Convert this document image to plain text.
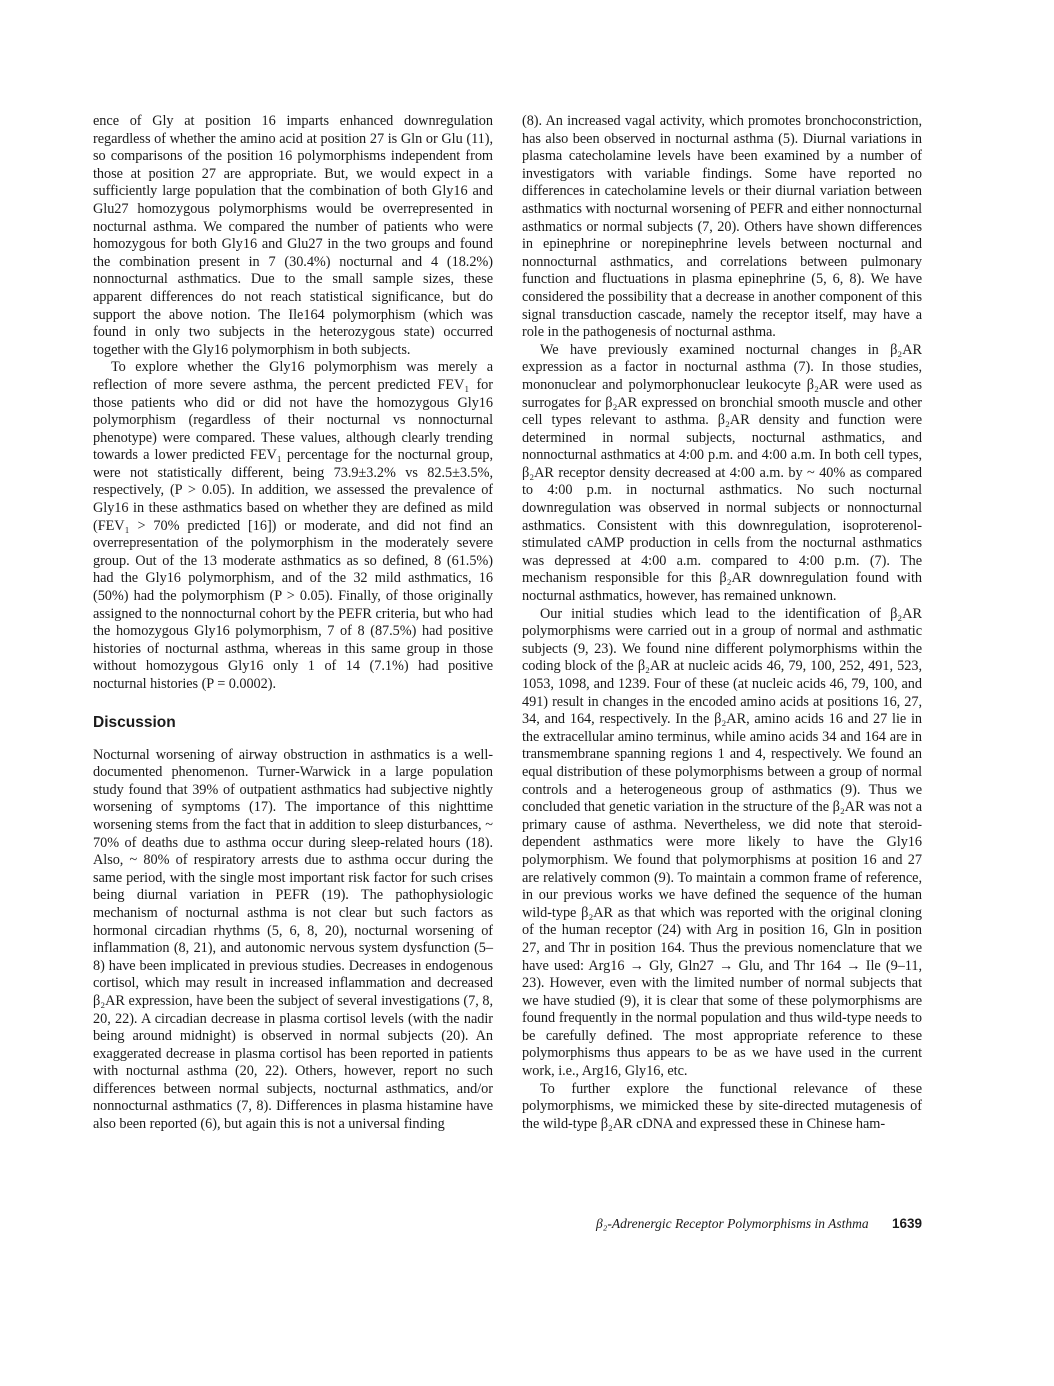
ence of Gly at position 16 imparts enhanced downregulation regardless of whether the amino acid at position 27 is Gln or Glu (11), so comparisons of the position 16 polymorphisms independent from those at position 27 are appropriate. But, we would expect in a sufficiently large population that the combination of both Gly16 and Glu27 homozygous polymorphisms would be overrepresented in nocturnal asthma. We compared the number of patients who were homozygous for both Gly16 and Glu27 in the two groups and found the combination present in 7 (30.4%) nocturnal and 4 (18.2%) nonnocturnal asthmatics. Due to the small sample sizes, these apparent differences do not reach statistical significance, but do support the above notion. The Ile164 polymorphism (which was found in only two subjects in the heterozygous state) occurred together with the Gly16 polymorphism in both subjects.

To explore whether the Gly16 polymorphism was merely a reflection of more severe asthma, the percent predicted FEV₁ for those patients who did or did not have the homozygous Gly16 polymorphism (regardless of their nocturnal vs nonnocturnal phenotype) were compared. These values, although clearly trending towards a lower predicted FEV₁ percentage for the nocturnal group, were not statistically different, being 73.9±3.2% vs 82.5±3.5%, respectively, (P > 0.05). In addition, we assessed the prevalence of Gly16 in these asthmatics based on whether they are defined as mild (FEV₁ > 70% predicted [16]) or moderate, and did not find an overrepresentation of the polymorphism in the moderately severe group. Out of the 13 moderate asthmatics as so defined, 8 (61.5%) had the Gly16 polymorphism, and of the 32 mild asthmatics, 16 (50%) had the polymorphism (P > 0.05). Finally, of those originally assigned to the nonnocturnal cohort by the PEFR criteria, but who had the homozygous Gly16 polymorphism, 7 of 8 (87.5%) had positive histories of nocturnal asthma, whereas in this same group in those without homozygous Gly16 only 1 of 14 (7.1%) had positive nocturnal histories (P = 0.0002).

Discussion

Nocturnal worsening of airway obstruction in asthmatics is a well-documented phenomenon. Turner-Warwick in a large population study found that 39% of outpatient asthmatics had subjective nightly worsening of symptoms (17). The importance of this nighttime worsening stems from the fact that in addition to sleep disturbances, ~ 70% of deaths due to asthma occur during sleep-related hours (18). Also, ~ 80% of respiratory arrests due to asthma occur during the same period, with the single most important risk factor for such crises being diurnal variation in PEFR (19). The pathophysiologic mechanism of nocturnal asthma is not clear but such factors as hormonal circadian rhythms (5, 6, 8, 20), nocturnal worsening of inflammation (8, 21), and autonomic nervous system dysfunction (5–8) have been implicated in previous studies. Decreases in endogenous cortisol, which may result in increased inflammation and decreased β₂AR expression, have been the subject of several investigations (7, 8, 20, 22). A circadian decrease in plasma cortisol levels (with the nadir being around midnight) is observed in normal subjects (20). An exaggerated decrease in plasma cortisol has been reported in patients with nocturnal asthma (20, 22). Others, however, report no such differences between normal subjects, nocturnal asthmatics, and/or nonnocturnal asthmatics (7, 8). Differences in plasma histamine have also been reported (6), but again this is not a universal finding

(8). An increased vagal activity, which promotes bronchoconstriction, has also been observed in nocturnal asthma (5). Diurnal variations in plasma catecholamine levels have been examined by a number of investigators with variable findings. Some have reported no differences in catecholamine levels or their diurnal variation between asthmatics with nocturnal worsening of PEFR and either nonnocturnal asthmatics or normal subjects (7, 20). Others have shown differences in epinephrine or norepinephrine levels between nocturnal and nonnocturnal asthmatics, and correlations between pulmonary function and fluctuations in plasma epinephrine (5, 6, 8). We have considered the possibility that a decrease in another component of this signal transduction cascade, namely the receptor itself, may have a role in the pathogenesis of nocturnal asthma.

We have previously examined nocturnal changes in β₂AR expression as a factor in nocturnal asthma (7). In those studies, mononuclear and polymorphonuclear leukocyte β₂AR were used as surrogates for β₂AR expressed on bronchial smooth muscle and other cell types relevant to asthma. β₂AR density and function were determined in normal subjects, nocturnal asthmatics, and nonnocturnal asthmatics at 4:00 p.m. and 4:00 a.m. In both cell types, β₂AR receptor density decreased at 4:00 a.m. by ~ 40% as compared to 4:00 p.m. in nocturnal asthmatics. No such nocturnal downregulation was observed in normal subjects or nonnocturnal asthmatics. Consistent with this downregulation, isoproterenol-stimulated cAMP production in cells from the nocturnal asthmatics was depressed at 4:00 a.m. compared to 4:00 p.m. (7). The mechanism responsible for this β₂AR downregulation found with nocturnal asthmatics, however, has remained unknown.

Our initial studies which lead to the identification of β₂AR polymorphisms were carried out in a group of normal and asthmatic subjects (9, 23). We found nine different polymorphisms within the coding block of the β₂AR at nucleic acids 46, 79, 100, 252, 491, 523, 1053, 1098, and 1239. Four of these (at nucleic acids 46, 79, 100, and 491) result in changes in the encoded amino acids at positions 16, 27, 34, and 164, respectively. In the β₂AR, amino acids 16 and 27 lie in the extracellular amino terminus, while amino acids 34 and 164 are in transmembrane spanning regions 1 and 4, respectively. We found an equal distribution of these polymorphisms between a group of normal controls and a heterogeneous group of asthmatics (9). Thus we concluded that genetic variation in the structure of the β₂AR was not a primary cause of asthma. Nevertheless, we did note that steroid-dependent asthmatics were more likely to have the Gly16 polymorphism. We found that polymorphisms at position 16 and 27 are relatively common (9). To maintain a common frame of reference, in our previous works we have defined the sequence of the human wild-type β₂AR as that which was reported with the original cloning of the human receptor (24) with Arg in position 16, Gln in position 27, and Thr in position 164. Thus the previous nomenclature that we have used: Arg16 → Gly, Gln27 → Glu, and Thr 164 → Ile (9–11, 23). However, even with the limited number of normal subjects that we have studied (9), it is clear that some of these polymorphisms are found frequently in the normal population and thus wild-type needs to be carefully defined. The most appropriate reference to these polymorphisms thus appears to be as we have used in the current work, i.e., Arg16, Gly16, etc.

To further explore the functional relevance of these polymorphisms, we mimicked these by site-directed mutagenesis of the wild-type β₂AR cDNA and expressed these in Chinese ham-

β₂-Adrenergic Receptor Polymorphisms in Asthma 1639
